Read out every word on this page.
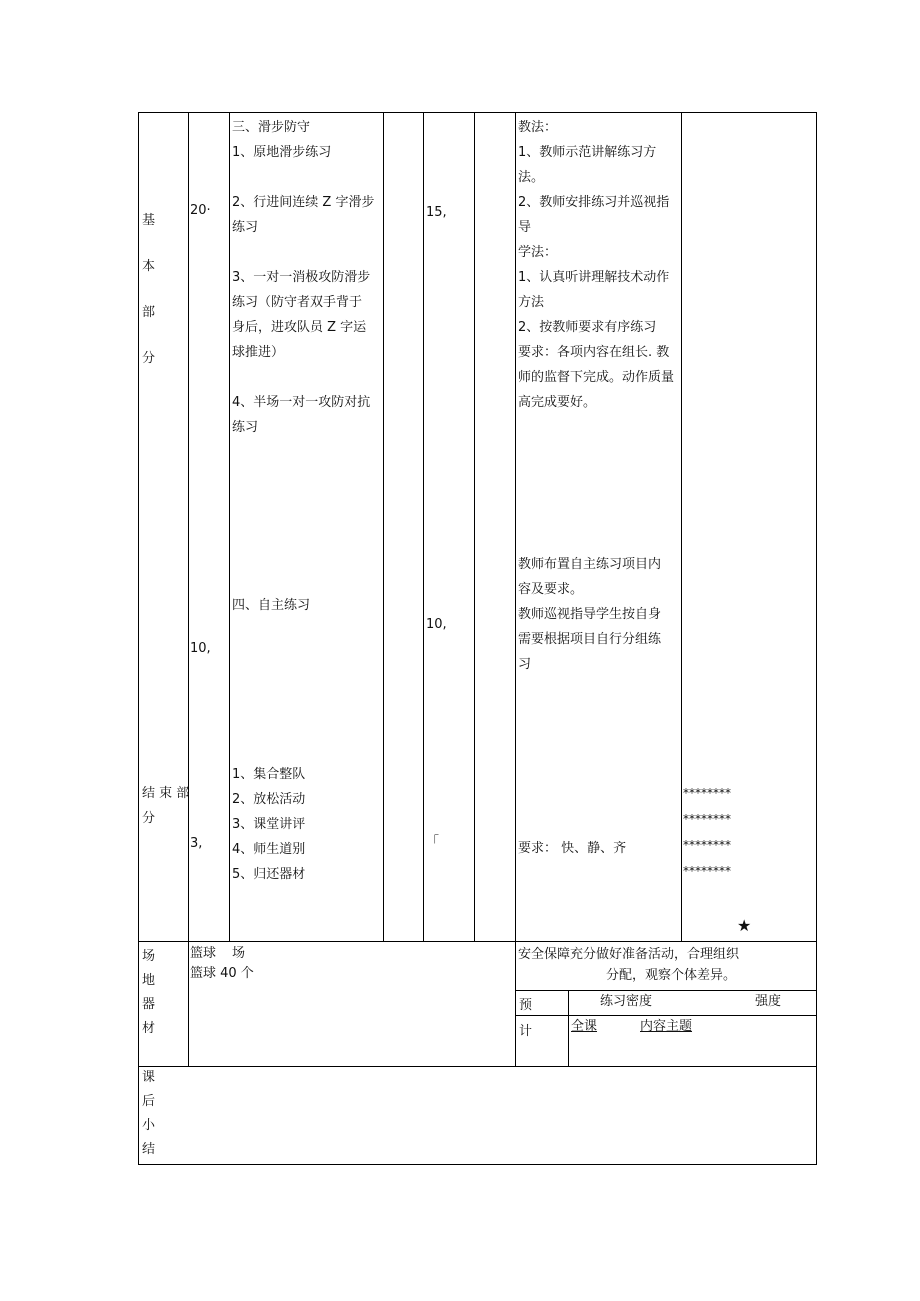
基
本
部
分
结 束 部
分
20·
10,
3,
三、滑步防守
1、原地滑步练习

2、行进间连续 Z 字滑步
练习

3、一对一消极攻防滑步
练习（防守者双手背于
身后，进攻队员 Z 字运
球推进）

4、半场一对一攻防对抗
练习
四、自主练习
1、集合整队
2、放松活动
3、课堂讲评
4、师生道别
5、归还器材
15,
10,
「
教法：
1、教师示范讲解练习方
法。
2、教师安排练习并巡视指
导
学法：
1、认真听讲理解技术动作
方法
2、按教师要求有序练习
要求：各项内容在组长. 教
师的监督下完成。动作质量
高完成要好。
教师布置自主练习项目内
容及要求。
教师巡视指导学生按自身
需要根据项目自行分组练
习
要求： 快、静、齐
********
********
********
********
★
场
地
器
材
篮球 场
篮球 40 个
安全保障充分做好准备活动，合理组织
分配，观察个体差异。
预
计
练习密度	强度
全课	内容主题
课
后
小
结
